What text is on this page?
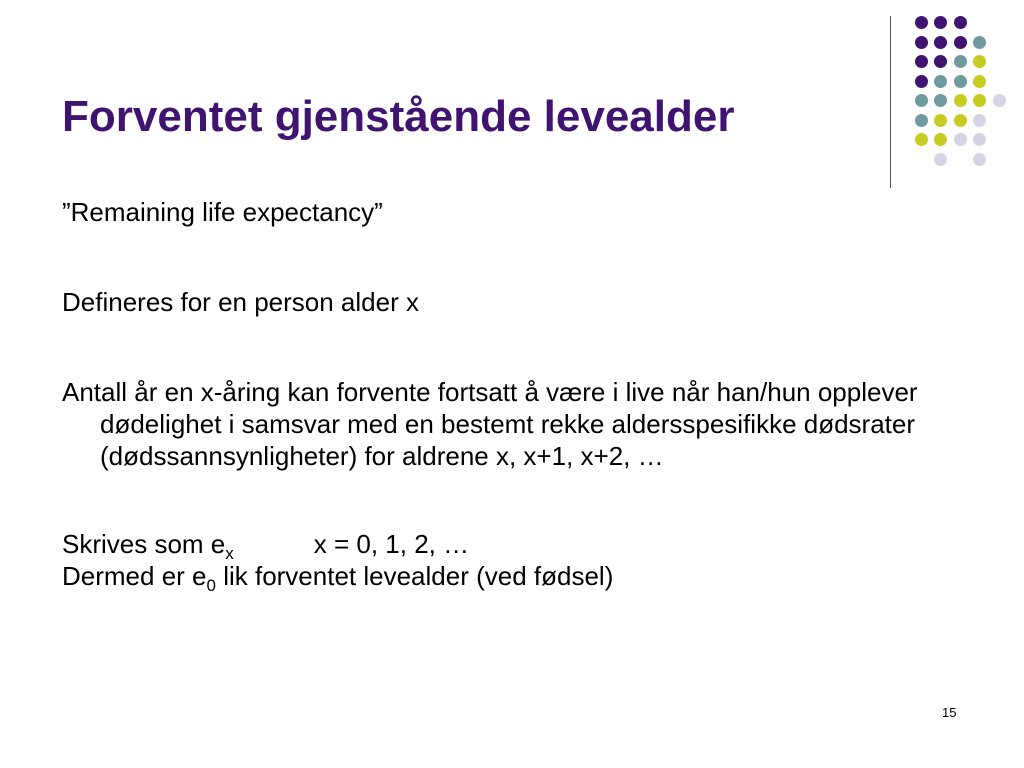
Forventet gjenstående levealder

”Remaining life expectancy”

Defineres for en person alder x

Antall år en x-åring kan forvente fortsatt å være i live når han/hun opplever dødelighet i samsvar med en bestemt rekke aldersspesifikke dødsrater (dødssannsynligheter) for aldrene x, x+1, x+2, …

Skrives som $e_x$	x = 0, 1, 2, …

Dermed er $e_0$ lik forventet levealder (ved fødsel)

15
